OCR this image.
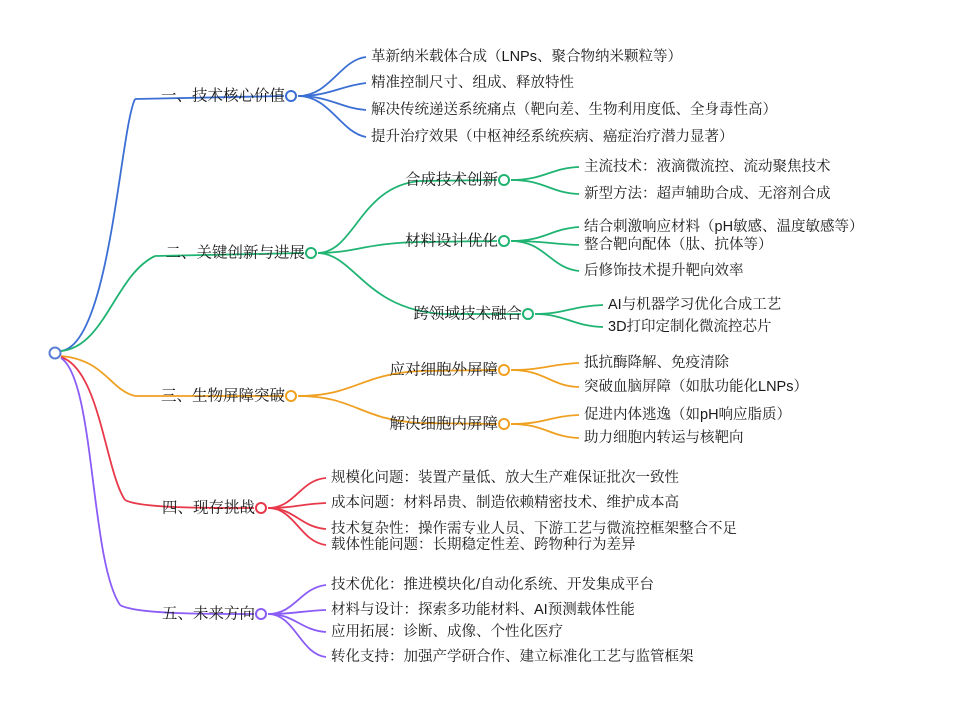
一、技术核心价值
革新纳米载体合成（LNPs、聚合物纳米颗粒等）
精准控制尺寸、组成、释放特性
解决传统递送系统痛点（靶向差、生物利用度低、全身毒性高）
提升治疗效果（中枢神经系统疾病、癌症治疗潜力显著）
二、关键创新与进展
合成技术创新
主流技术：液滴微流控、流动聚焦技术
新型方法：超声辅助合成、无溶剂合成
材料设计优化
结合刺激响应材料（pH敏感、温度敏感等）
整合靶向配体（肽、抗体等）
后修饰技术提升靶向效率
跨领域技术融合
AI与机器学习优化合成工艺
3D打印定制化微流控芯片
三、生物屏障突破
应对细胞外屏障	抵抗酶降解、免疫清除
突破血脑屏障（如肽功能化LNPs）
解决细胞内屏障
促进内体逃逸（如pH响应脂质）
助力细胞内转运与核靶向
四、现存挑战
规模化问题：装置产量低、放大生产难保证批次一致性
成本问题：材料昂贵、制造依赖精密技术、维护成本高
技术复杂性：操作需专业人员、下游工艺与微流控框架整合不足
载体性能问题：长期稳定性差、跨物种行为差异
五、未来方向
技术优化：推进模块化/自动化系统、开发集成平台
材料与设计：探索多功能材料、AI预测载体性能
应用拓展：诊断、成像、个性化医疗
转化支持：加强产学研合作、建立标准化工艺与监管框架
